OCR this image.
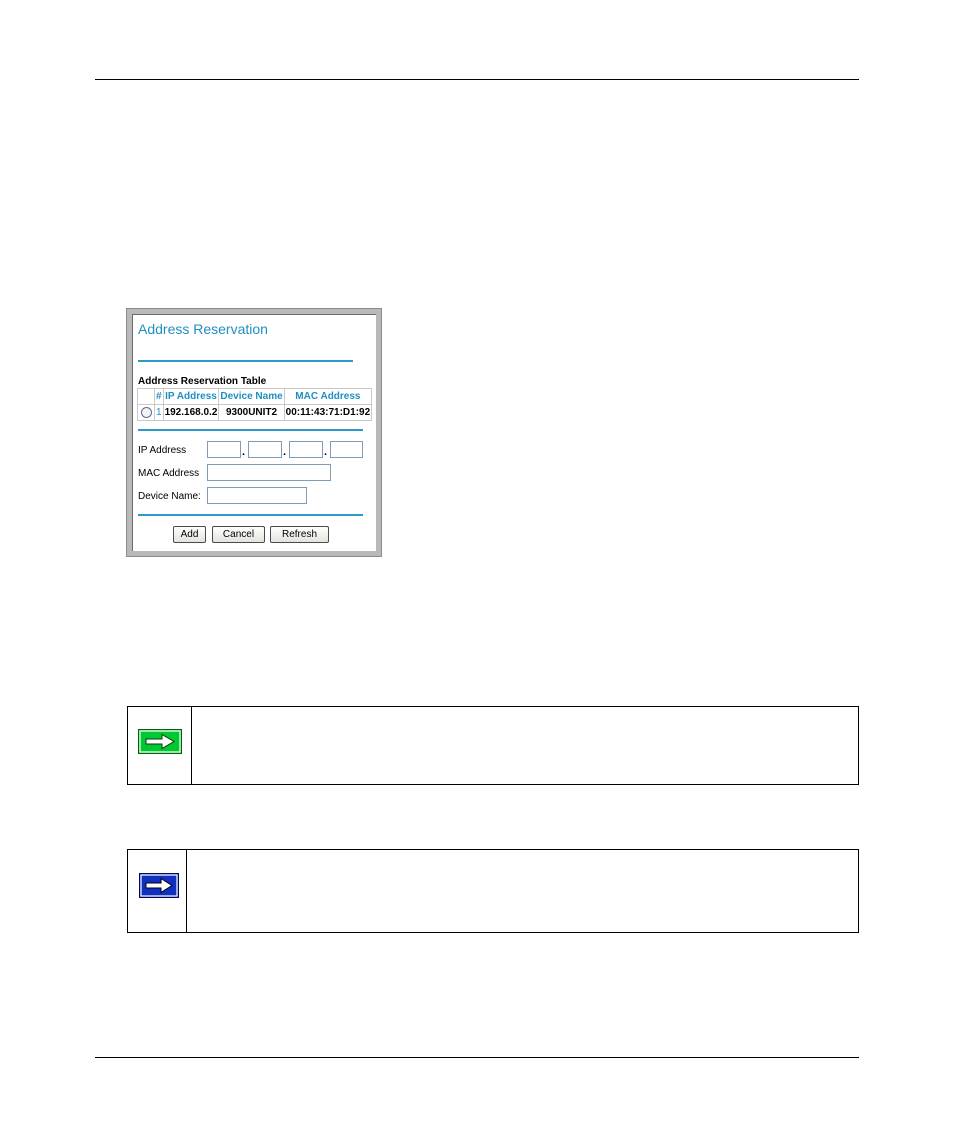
Address Reservation
Address Reservation Table
	#	IP Address	Device Name	MAC Address
	1	192.168.0.2	9300UNIT2	00:11:43:71:D1:92
IP Address	.	.	.
MAC Address
Device Name:
Add	Cancel	Refresh
